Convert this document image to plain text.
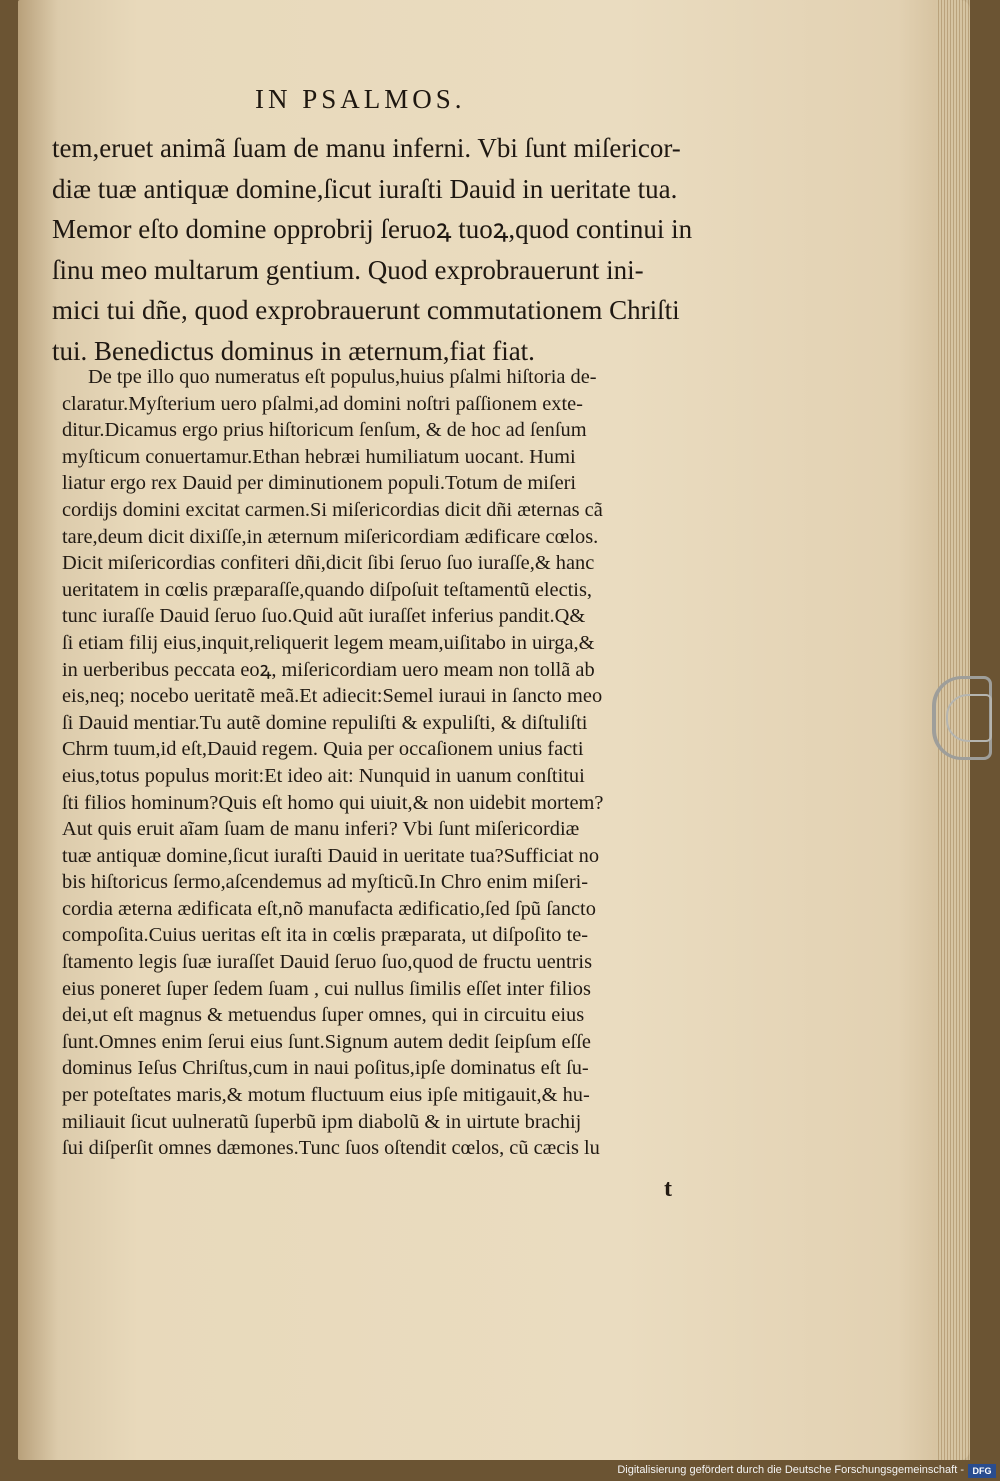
IN PSALMOS.
tem,eruet animã ſuam de manu inferni. Vbi ſunt miſericor-
diæ tuæ antiquæ domine,ſicut iuraſti Dauid in ueritate tua.
Memor eſto domine opprobrij ſeruoꝝ tuoꝝ,quod continui in
ſinu meo multarum gentium. Quod exprobrauerunt ini-
mici tui dñe, quod exprobrauerunt commutationem Chriſti
tui. Benedictus dominus in æternum,fiat fiat.
De tpe illo quo numeratus eſt populus,huius pſalmi hiſtoria de-
claratur.Myſterium uero pſalmi,ad domini noſtri paſſionem exte-
ditur.Dicamus ergo prius hiſtoricum ſenſum, & de hoc ad ſenſum
myſticum conuertamur.Ethan hebræi humiliatum uocant. Humi
liatur ergo rex Dauid per diminutionem populi.Totum de miſeri
cordijs domini excitat carmen.Si miſericordias dicit dñi æternas cã
tare,deum dicit dixiſſe,in æternum miſericordiam ædificare cœlos.
Dicit miſericordias confiteri dñi,dicit ſibi ſeruo ſuo iuraſſe,& hanc
ueritatem in cœlis præparaſſe,quando diſpoſuit teſtamentũ electis,
tunc iuraſſe Dauid ſeruo ſuo.Quid aũt iuraſſet inferius pandit.Q&
ſi etiam filij eius,inquit,reliquerit legem meam,uiſitabo in uirga,&
in uerberibus peccata eoꝝ, miſericordiam uero meam non tollã ab
eis,neq; nocebo ueritatẽ meã.Et adiecit:Semel iuraui in ſancto meo
ſi Dauid mentiar.Tu autẽ domine repuliſti & expuliſti, & diſtuliſti
Chrm tuum,id eſt,Dauid regem. Quia per occaſionem unius facti
eius,totus populus morit:Et ideo ait: Nunquid in uanum conſtitui
ſti filios hominum?Quis eſt homo qui uiuit,& non uidebit mortem?
Aut quis eruit aĩam ſuam de manu inferi? Vbi ſunt miſericordiæ
tuæ antiquæ domine,ſicut iuraſti Dauid in ueritate tua?Sufficiat no
bis hiſtoricus ſermo,aſcendemus ad myſticũ.In Chro enim miſeri-
cordia æterna ædificata eſt,nõ manufacta ædificatio,ſed ſpũ ſancto
compoſita.Cuius ueritas eſt ita in cœlis præparata, ut diſpoſito te-
ſtamento legis ſuæ iuraſſet Dauid ſeruo ſuo,quod de fructu uentris
eius poneret ſuper ſedem ſuam , cui nullus ſimilis eſſet inter filios
dei,ut eſt magnus & metuendus ſuper omnes, qui in circuitu eius
ſunt.Omnes enim ſerui eius ſunt.Signum autem dedit ſeipſum eſſe
dominus Ieſus Chriſtus,cum in naui poſitus,ipſe dominatus eſt ſu-
per poteſtates maris,& motum fluctuum eius ipſe mitigauit,& hu-
miliauit ſicut uulneratũ ſuperbũ ipm diabolũ & in uirtute brachij
ſui diſperſit omnes dæmones.Tunc ſuos oſtendit cœlos, cũ cæcis lu
t
Digitalisierung gefördert durch die Deutsche Forschungsgemeinschaft - DFG
